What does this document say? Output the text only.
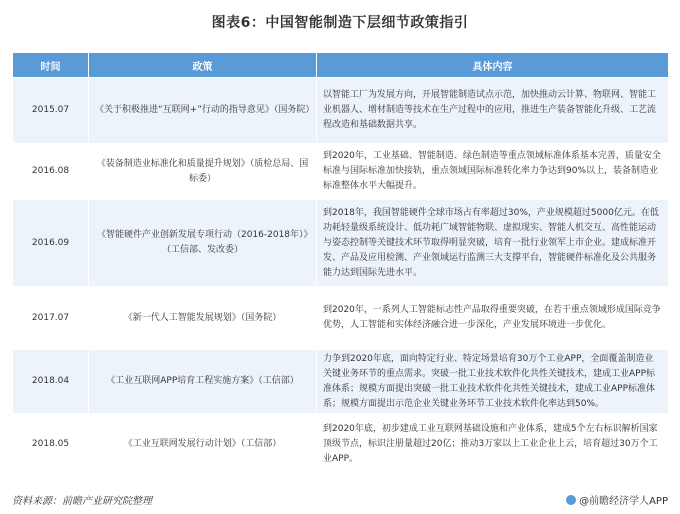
图表6：中国智能制造下层细节政策指引
时间	政策	具体内容
2015.07	《关于积极推进“互联网+”行动的指导意见》（国务院）	以智能工厂为发展方向，开展智能制造试点示范，加快推动云计算、物联网、智能工业机器人、增材制造等技术在生产过程中的应用，推进生产装备智能化升级、工艺流程改造和基础数据共享。
2016.08	《装备制造业标准化和质量提升规划》（质检总局、国标委）	到2020年，工业基础、智能制造、绿色制造等重点领域标准体系基本完善，质量安全标准与国际标准加快接轨，重点领域国际标准转化率力争达到90%以上，装备制造业标准整体水平大幅提升。
2016.09	《智能硬件产业创新发展专项行动（2016-2018年）》（工信部、发改委）	到2018年，我国智能硬件全球市场占有率超过30%，产业规模超过5000亿元。在低功耗轻量级系统设计、低功耗广域智能物联、虚拟现实、智能人机交互、高性能运动与姿态控制等关键技术环节取得明显突破，培育一批行业领军上市企业。建成标准开发、产品及应用检测、产业领域运行监测三大支撑平台，智能硬件标准化及公共服务能力达到国际先进水平。
2017.07	《新一代人工智能发展规划》（国务院）	到2020年，一系列人工智能标志性产品取得重要突破，在若干重点领域形成国际竞争优势，人工智能和实体经济融合进一步深化，产业发展环境进一步优化。
2018.04	《工业互联网APP培育工程实施方案》（工信部）	力争到2020年底，面向特定行业、特定场景培育30万个工业APP，全面覆盖制造业关键业务环节的重点需求。突破一批工业技术软件化共性关键技术，建成工业APP标准体系；规模方面提出突破一批工业技术软件化共性关键技术，建成工业APP标准体系；规模方面提出示范企业关键业务环节工业技术软件化率达到50%。
2018.05	《工业互联网发展行动计划》（工信部）	到2020年底，初步建成工业互联网基础设施和产业体系，建成5个左右标识解析国家顶级节点，标识注册量超过20亿；推动3万家以上工业企业上云，培育超过30万个工业APP。
资料来源：前瞻产业研究院整理	@前瞻经济学人APP
